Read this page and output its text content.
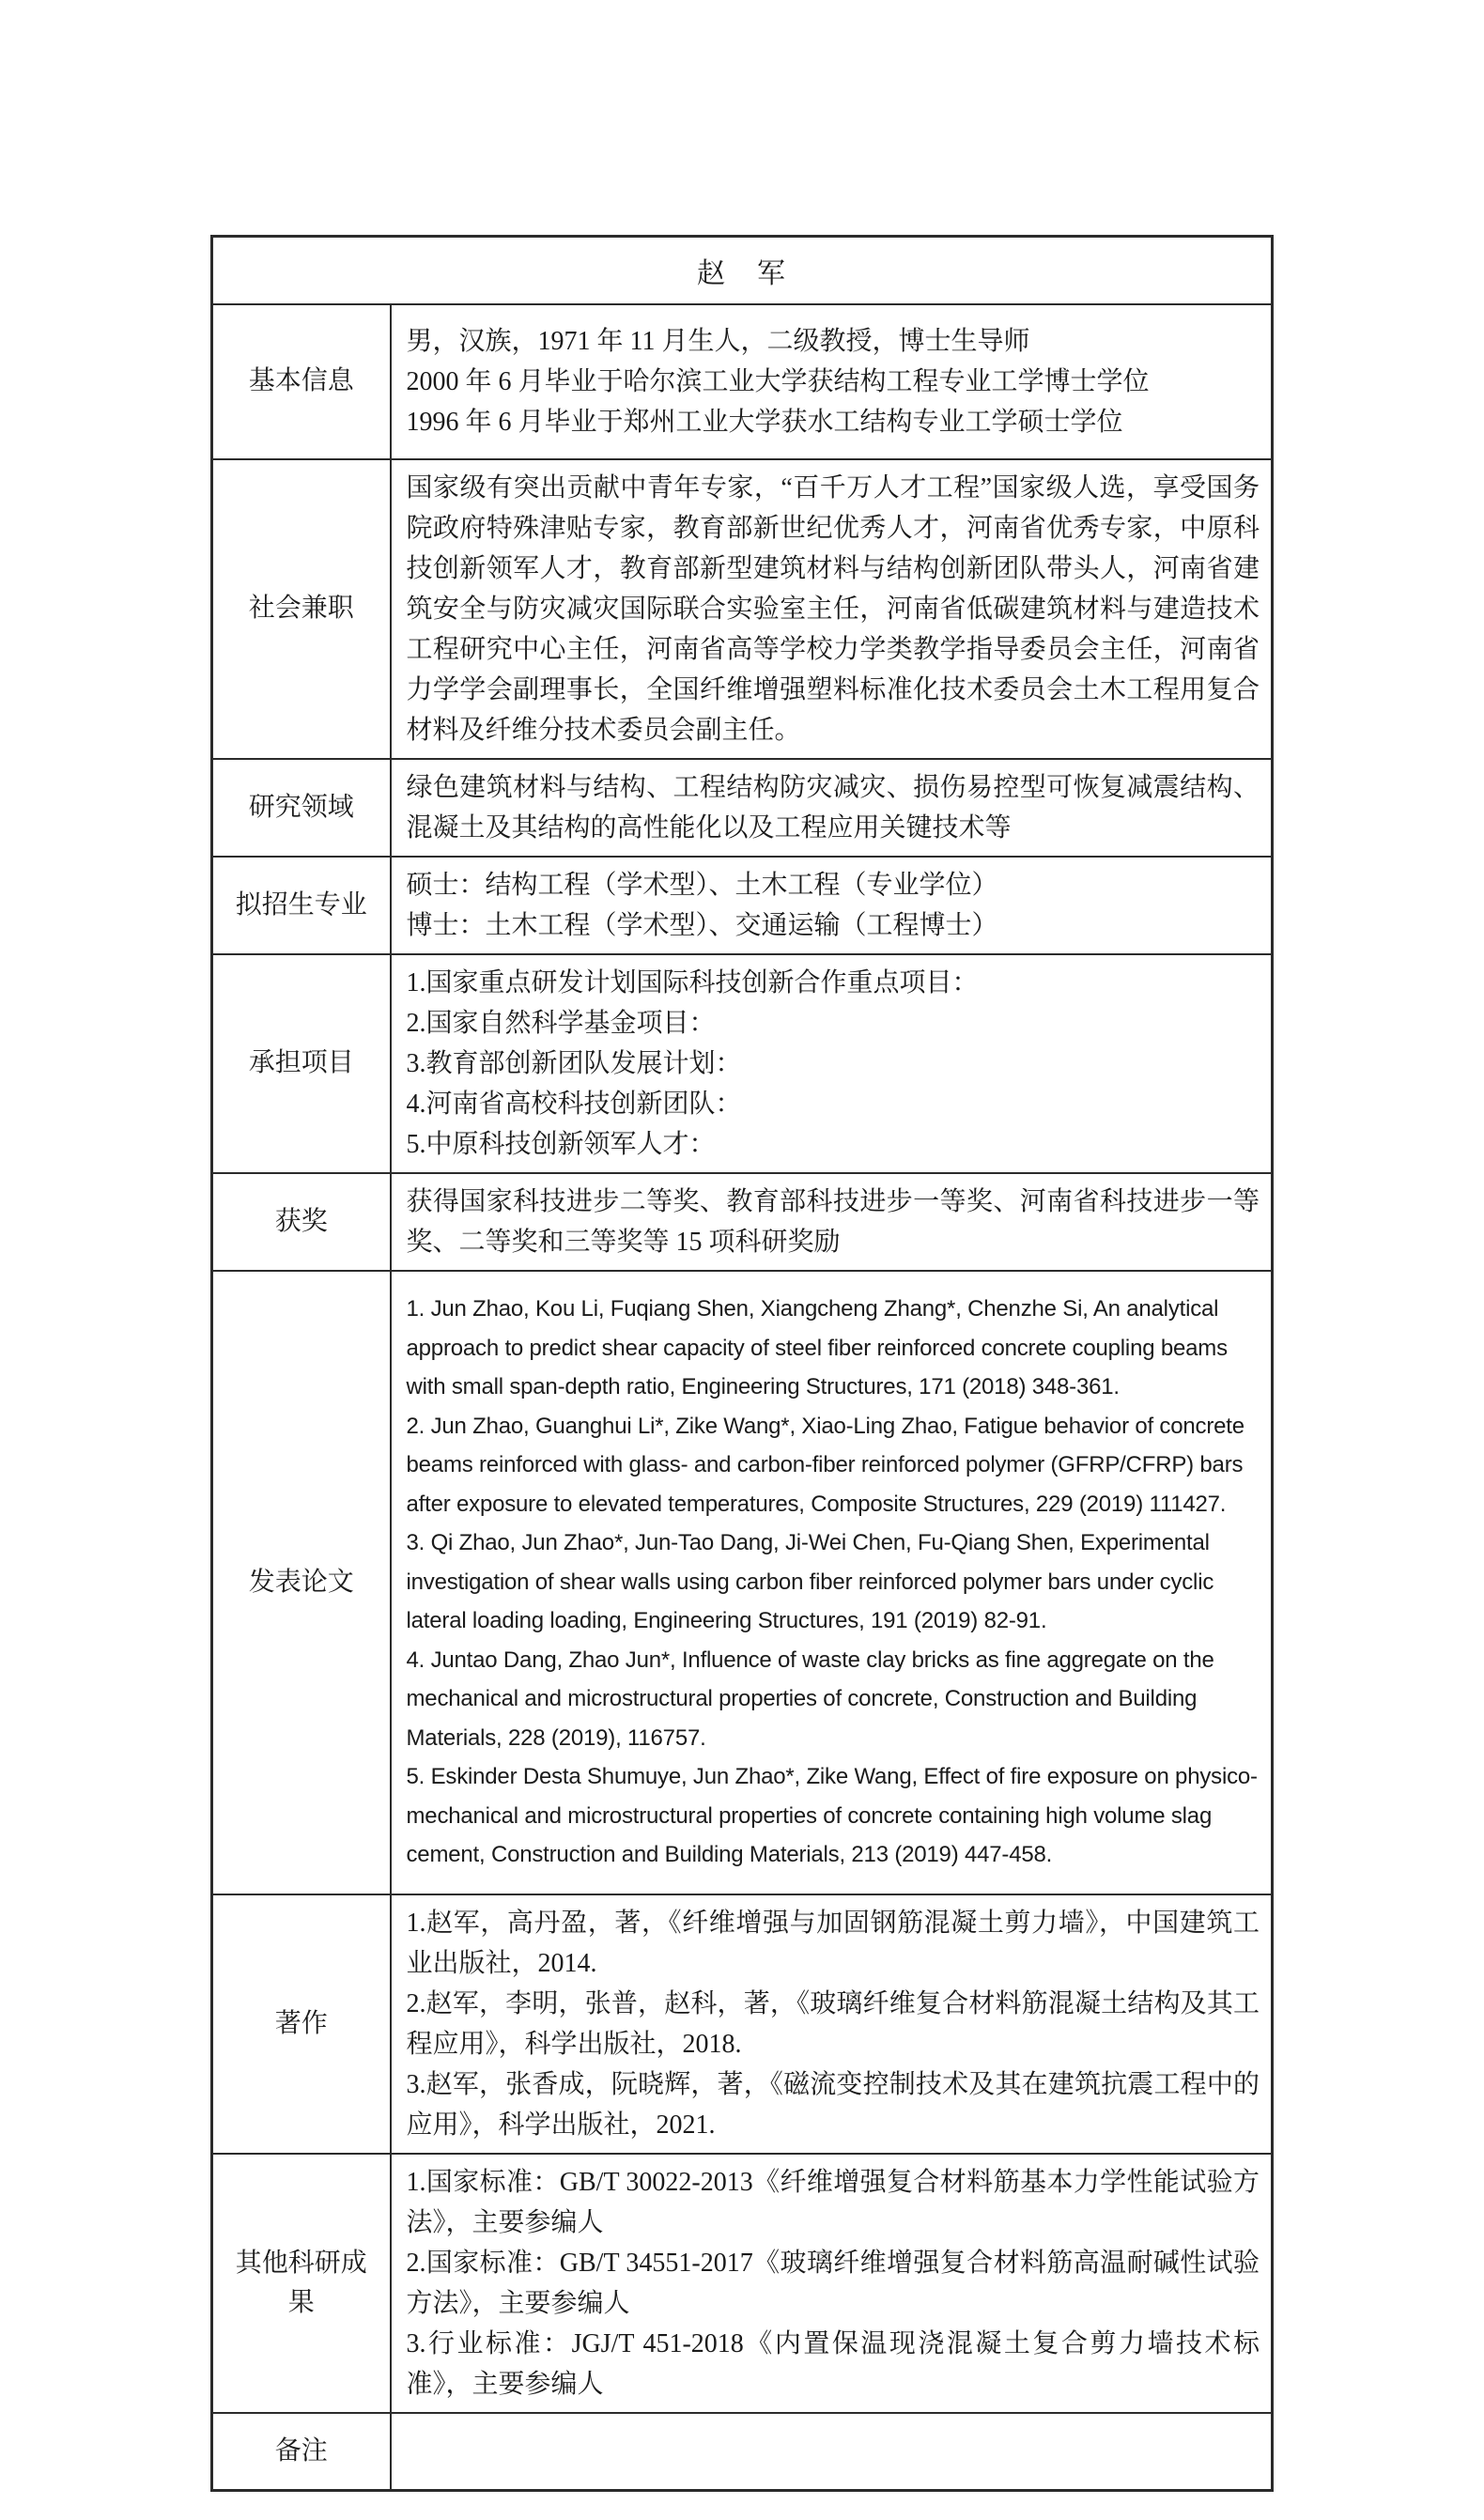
赵　军	
基本信息	男，汉族，1971 年 11 月生人，二级教授，博士生导师
2000 年 6 月毕业于哈尔滨工业大学获结构工程专业工学博士学位
1996 年 6 月毕业于郑州工业大学获水工结构专业工学硕士学位

社会兼职	国家级有突出贡献中青年专家，“百千万人才工程”国家级人选，享受国务院政府特殊津贴专家，教育部新世纪优秀人才，河南省优秀专家，中原科技创新领军人才，教育部新型建筑材料与结构创新团队带头人，河南省建筑安全与防灾减灾国际联合实验室主任，河南省低碳建筑材料与建造技术工程研究中心主任，河南省高等学校力学类教学指导委员会主任，河南省力学学会副理事长，全国纤维增强塑料标准化技术委员会土木工程用复合材料及纤维分技术委员会副主任。

研究领域	绿色建筑材料与结构、工程结构防灾减灾、损伤易控型可恢复减震结构、混凝土及其结构的高性能化以及工程应用关键技术等

拟招生专业	硕士：结构工程（学术型）、土木工程（专业学位）
博士：土木工程（学术型）、交通运输（工程博士）

承担项目	1.国家重点研发计划国际科技创新合作重点项目：
2.国家自然科学基金项目：
3.教育部创新团队发展计划：
4.河南省高校科技创新团队：
5.中原科技创新领军人才：

获奖	获得国家科技进步二等奖、教育部科技进步一等奖、河南省科技进步一等奖、二等奖和三等奖等 15 项科研奖励

发表论文	1. Jun Zhao, Kou Li, Fuqiang Shen, Xiangcheng Zhang*, Chenzhe Si, An analytical approach to predict shear capacity of steel fiber reinforced concrete coupling beams with small span-depth ratio, Engineering Structures, 171 (2018) 348-361.
2. Jun Zhao, Guanghui Li*, Zike Wang*, Xiao-Ling Zhao, Fatigue behavior of concrete beams reinforced with glass- and carbon-fiber reinforced polymer (GFRP/CFRP) bars after exposure to elevated temperatures, Composite Structures, 229 (2019) 111427.
3. Qi Zhao, Jun Zhao*, Jun-Tao Dang, Ji-Wei Chen, Fu-Qiang Shen, Experimental investigation of shear walls using carbon fiber reinforced polymer bars under cyclic lateral loading loading, Engineering Structures, 191 (2019) 82-91.
4. Juntao Dang, Zhao Jun*, Influence of waste clay bricks as fine aggregate on the mechanical and microstructural properties of concrete, Construction and Building Materials, 228 (2019), 116757.
5. Eskinder Desta Shumuye, Jun Zhao*, Zike Wang, Effect of fire exposure on physico-mechanical and microstructural properties of concrete containing high volume slag cement, Construction and Building Materials, 213 (2019) 447-458.

著作	1.赵军，高丹盈，著，《纤维增强与加固钢筋混凝土剪力墙》，中国建筑工业出版社，2014.
2.赵军，李明，张普，赵科，著，《玻璃纤维复合材料筋混凝土结构及其工程应用》，科学出版社，2018.
3.赵军，张香成，阮晓辉，著，《磁流变控制技术及其在建筑抗震工程中的应用》，科学出版社，2021.

其他科研成果	1.国家标准：GB/T 30022-2013《纤维增强复合材料筋基本力学性能试验方法》，主要参编人
2.国家标准：GB/T 34551-2017《玻璃纤维增强复合材料筋高温耐碱性试验方法》，主要参编人
3.行业标准：JGJ/T 451-2018《内置保温现浇混凝土复合剪力墙技术标准》，主要参编人

备注	
